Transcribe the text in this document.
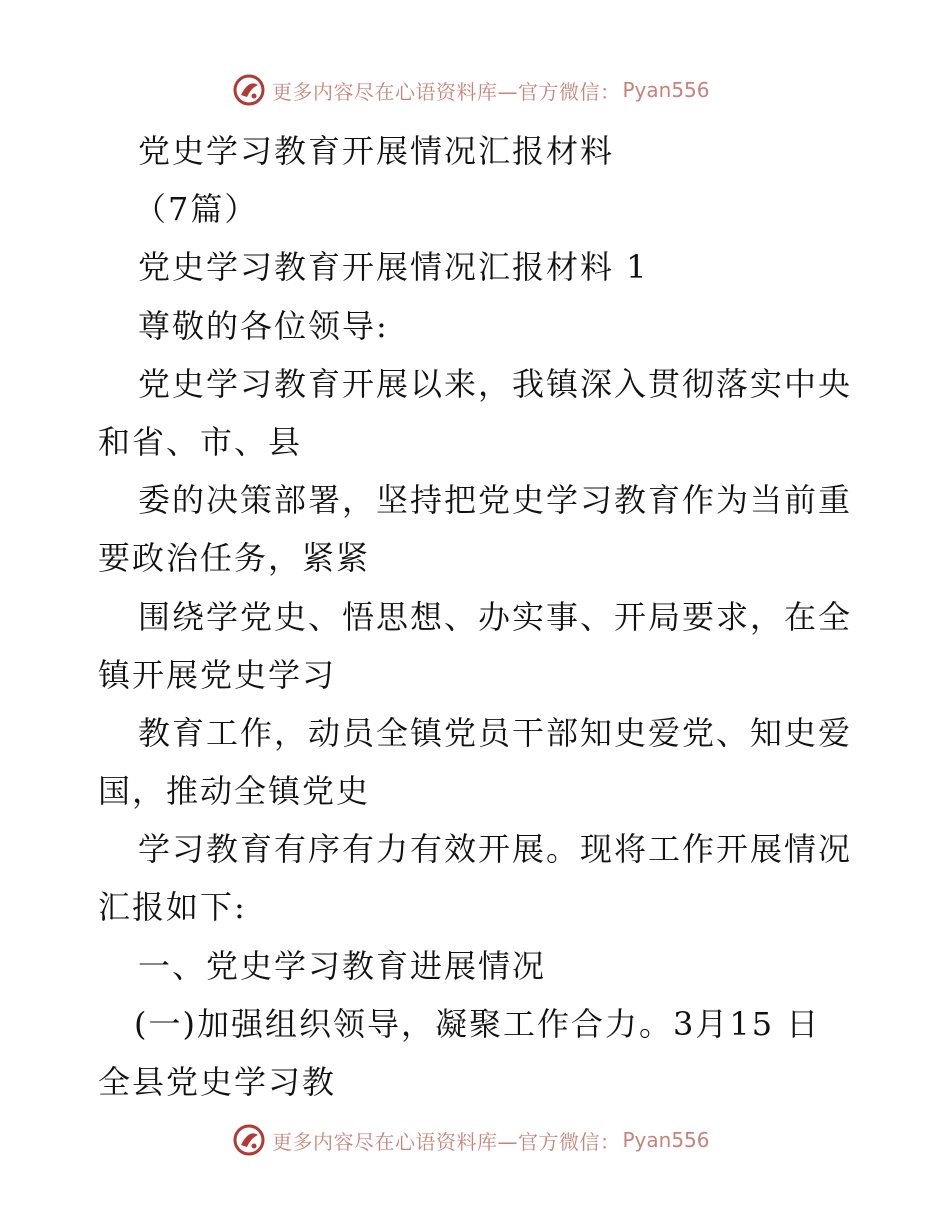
更多内容尽在心语资料库—官方微信： Pyan556
党史学习教育开展情况汇报材料
（7篇）
党史学习教育开展情况汇报材料 1
尊敬的各位领导:
党史学习教育开展以来，我镇深入贯彻落实中央
和省、市、县
委的决策部署，坚持把党史学习教育作为当前重
要政治任务，紧紧
围绕学党史、悟思想、办实事、开局要求，在全
镇开展党史学习
教育工作，动员全镇党员干部知史爱党、知史爱
国，推动全镇党史
学习教育有序有力有效开展。现将工作开展情况
汇报如下:
一、党史学习教育进展情况
(一)加强组织领导，凝聚工作合力。3月15 日
全县党史学习教
更多内容尽在心语资料库—官方微信： Pyan556
